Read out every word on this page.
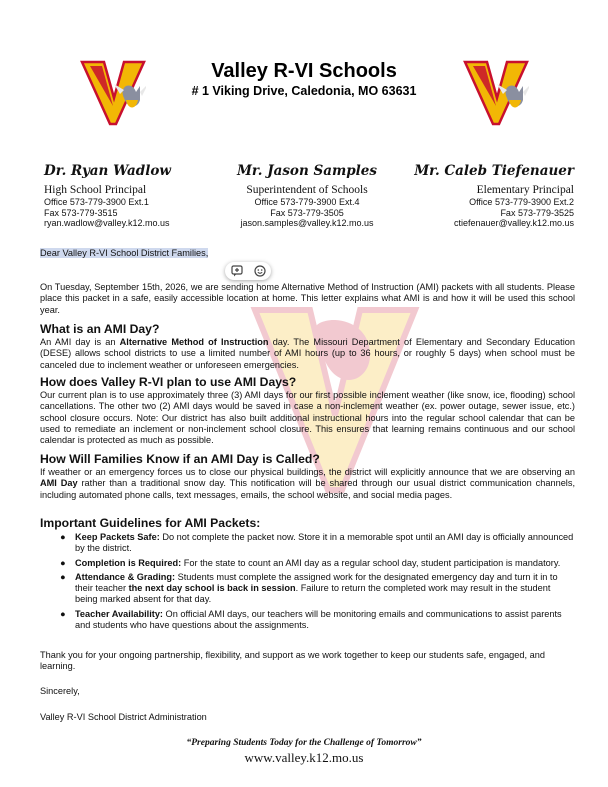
Valley R-VI Schools
# 1 Viking Drive, Caledonia, MO 63631
Dr. Ryan Wadlow
High School Principal
Office 573-779-3900 Ext.1
Fax 573-779-3515
ryan.wadlow@valley.k12.mo.us
Mr. Jason Samples
Superintendent of Schools
Office 573-779-3900 Ext.4
Fax 573-779-3505
jason.samples@valley.k12.mo.us
Mr. Caleb Tiefenauer
Elementary Principal
Office 573-779-3900 Ext.2
Fax 573-779-3525
ctiefenauer@valley.k12.mo.us
Dear Valley R-VI School District Families,
On Tuesday, September 15th, 2026, we are sending home Alternative Method of Instruction (AMI) packets with all students. Please place this packet in a safe, easily accessible location at home. This letter explains what AMI is and how it will be used this school year.
What is an AMI Day?
An AMI day is an Alternative Method of Instruction day. The Missouri Department of Elementary and Secondary Education (DESE) allows school districts to use a limited number of AMI hours (up to 36 hours, or roughly 5 days) when school must be canceled due to inclement weather or unforeseen emergencies.
How does Valley R-VI plan to use AMI Days?
Our current plan is to use approximately three (3) AMI days for our first possible inclement weather (like snow, ice, flooding) school cancellations. The other two (2) AMI days would be saved in case a non-inclement weather (ex. power outage, sewer issue, etc.) school closure occurs. Note: Our district has also built additional instructional hours into the regular school calendar that can be used to remediate an inclement or non-inclement school closure. This ensures that learning remains continuous and our school calendar is protected as much as possible.
How Will Families Know if an AMI Day is Called?
If weather or an emergency forces us to close our physical buildings, the district will explicitly announce that we are observing an AMI Day rather than a traditional snow day. This notification will be shared through our usual district communication channels, including automated phone calls, text messages, emails, the school website, and social media pages.
Important Guidelines for AMI Packets:
● Keep Packets Safe: Do not complete the packet now. Store it in a memorable spot until an AMI day is officially announced by the district.
● Completion is Required: For the state to count an AMI day as a regular school day, student participation is mandatory.
● Attendance & Grading: Students must complete the assigned work for the designated emergency day and turn it in to their teacher the next day school is back in session. Failure to return the completed work may result in the student being marked absent for that day.
● Teacher Availability: On official AMI days, our teachers will be monitoring emails and communications to assist parents and students who have questions about the assignments.
Thank you for your ongoing partnership, flexibility, and support as we work together to keep our students safe, engaged, and learning.
Sincerely,
Valley R-VI School District Administration
“Preparing Students Today for the Challenge of Tomorrow”
www.valley.k12.mo.us
